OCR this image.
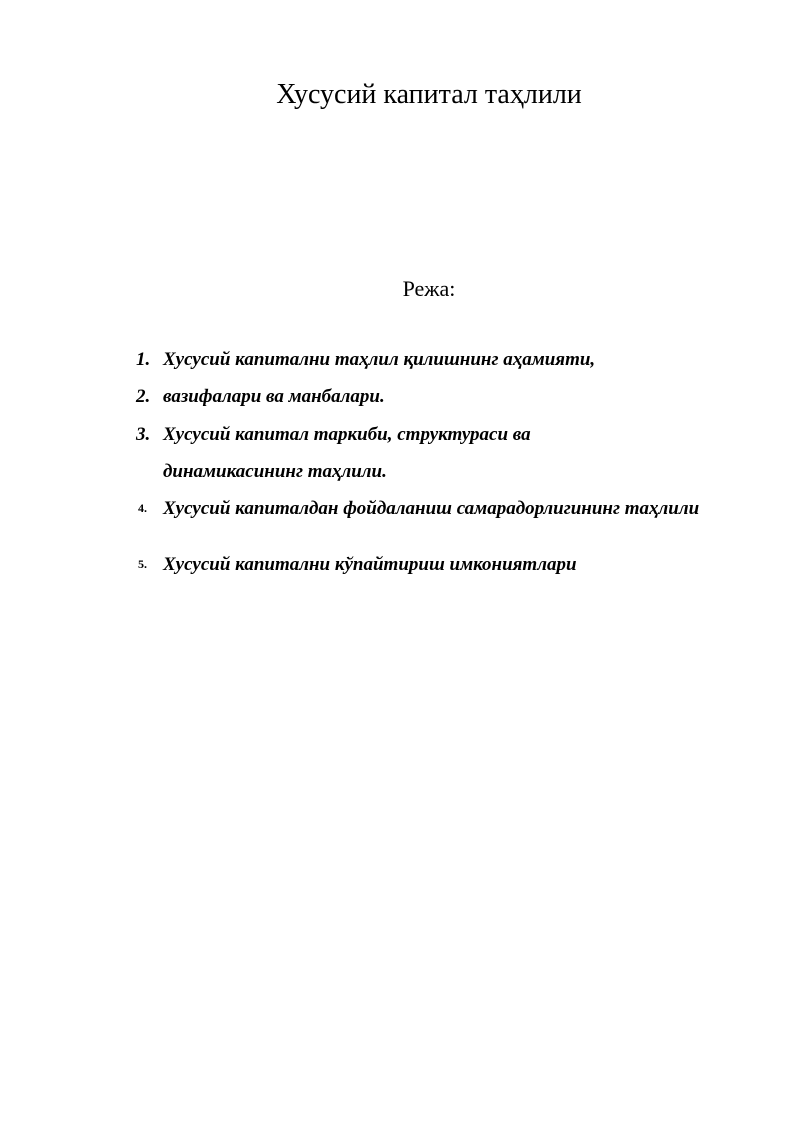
Хусусий капитал таҳлили

Режа:

1. Хусусий капитални таҳлил қилишнинг аҳамияти,
2. вазифалари ва манбалари.
3. Хусусий капитал таркиби, структураси ва динамикасининг таҳлили.
4. Хусусий капиталдан фойдаланиш самарадорлигининг таҳлили
5. Хусусий капитални кўпайтириш имкониятлари
